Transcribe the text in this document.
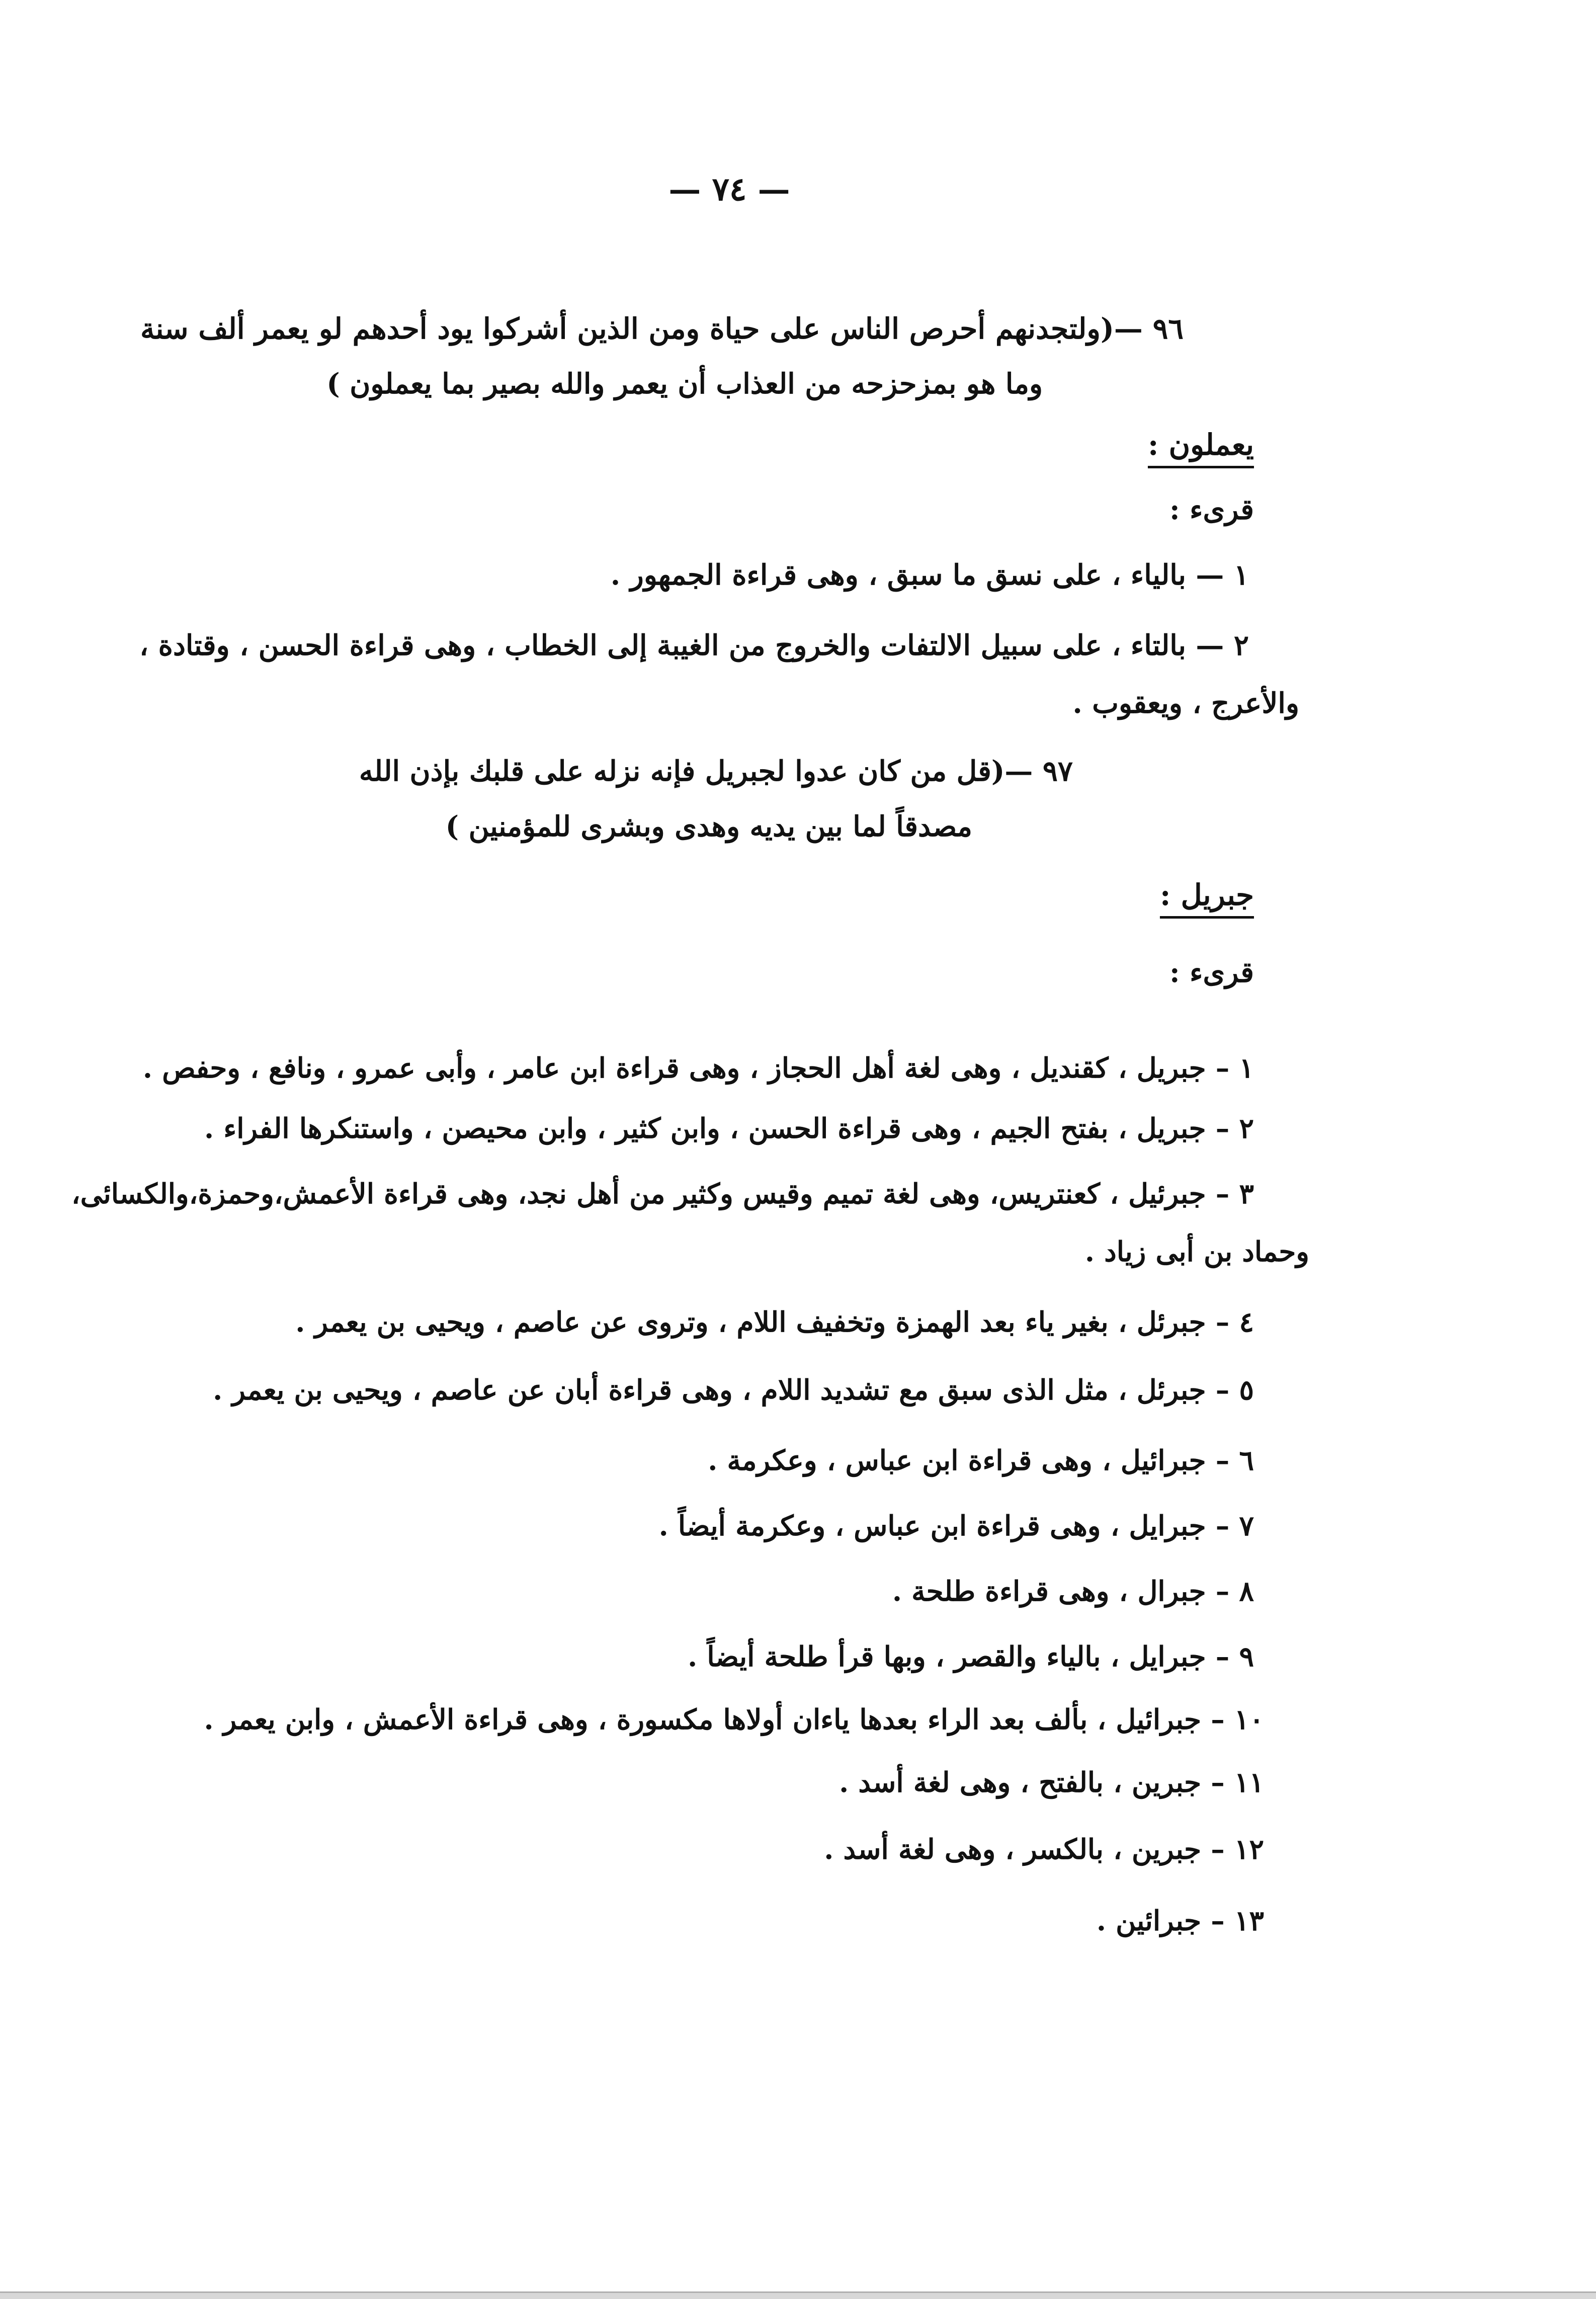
— ٧٤ —
٩٦ —(ولتجدنهم أحرص الناس على حياة ومن الذين أشركوا يود أحدهم لو يعمر ألف سنة
وما هو بمزحزحه من العذاب أن يعمر والله بصير بما يعملون )
يعملون :
قرىء :
١ — بالياء ، على نسق ما سبق ، وهى قراءة الجمهور .
٢ — بالتاء ، على سبيل الالتفات والخروج من الغيبة إلى الخطاب ، وهى قراءة الحسن ، وقتادة ،
والأعرج ، ويعقوب .
٩٧ —(قل من كان عدوا لجبريل فإنه نزله على قلبك بإذن الله
مصدقاً لما بين يديه وهدى وبشرى للمؤمنين )
جبريل :
قرىء :
١ – جبريل ، كقنديل ، وهى لغة أهل الحجاز ، وهى قراءة ابن عامر ، وأبى عمرو ، ونافع ، وحفص .
٢ – جبريل ، بفتح الجيم ، وهى قراءة الحسن ، وابن كثير ، وابن محيصن ، واستنكرها الفراء .
٣ – جبرئيل ، كعنتريس، وهى لغة تميم وقيس وكثير من أهل نجد، وهى قراءة الأعمش،وحمزة،والكسائى،
وحماد بن أبى زياد .
٤ – جبرئل ، بغير ياء بعد الهمزة وتخفيف اللام ، وتروى عن عاصم ، ويحيى بن يعمر .
٥ – جبرئل ، مثل الذى سبق مع تشديد اللام ، وهى قراءة أبان عن عاصم ، ويحيى بن يعمر .
٦ – جبرائيل ، وهى قراءة ابن عباس ، وعكرمة .
٧ – جبرايل ، وهى قراءة ابن عباس ، وعكرمة أيضاً .
٨ – جبرال ، وهى قراءة طلحة .
٩ – جبرايل ، بالياء والقصر ، وبها قرأ طلحة أيضاً .
١٠ – جبرائيل ، بألف بعد الراء بعدها ياءان أولاها مكسورة ، وهى قراءة الأعمش ، وابن يعمر .
١١ – جبرين ، بالفتح ، وهى لغة أسد .
١٢ – جبرين ، بالكسر ، وهى لغة أسد .
١٣ – جبرائين .
